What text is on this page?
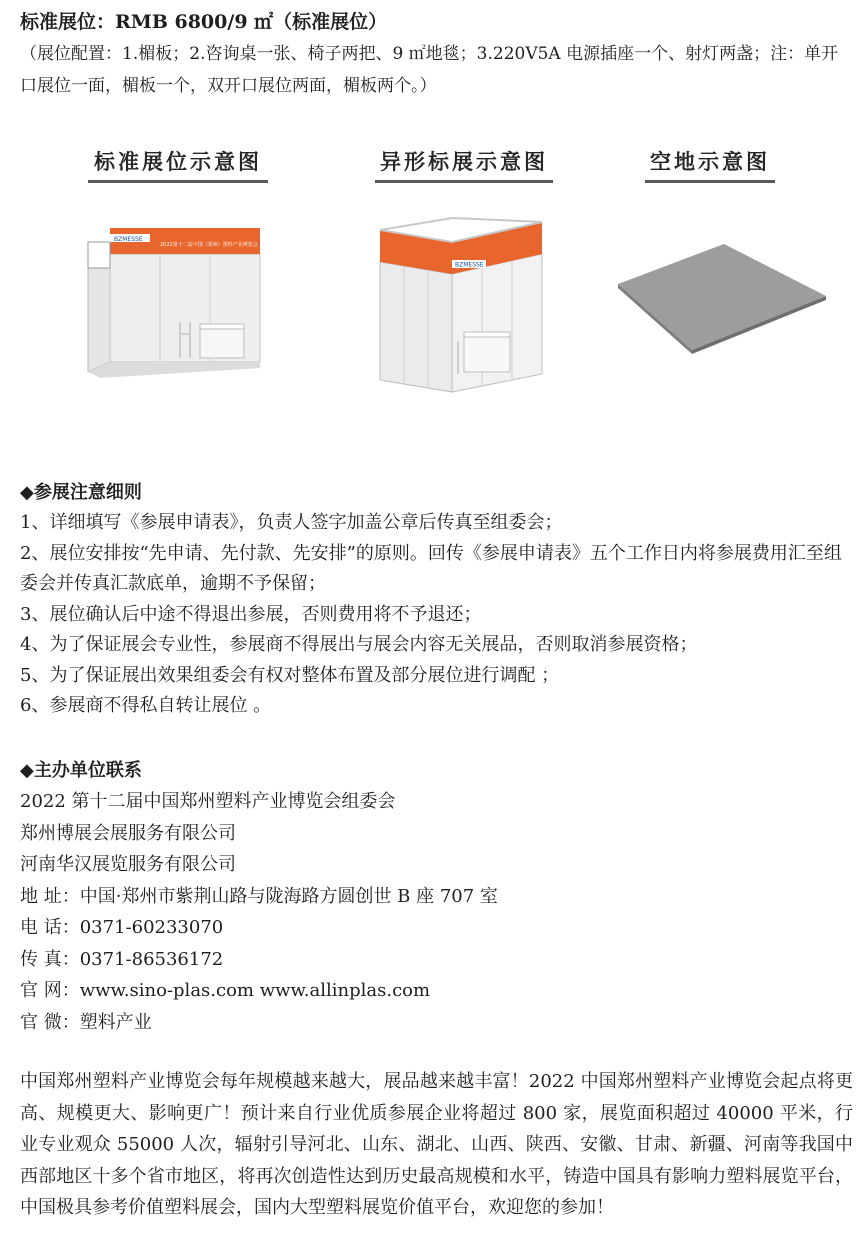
标准展位：RMB 6800/9 ㎡（标准展位）
（展位配置：1.楣板；2.咨询桌一张、椅子两把、9 ㎡地毯；3.220V5A 电源插座一个、射灯两盏；注：单开口展位一面，楣板一个，双开口展位两面，楣板两个。）
标准展位示意图
BZMESSE
2022第十二届中国（郑州）塑料产业博览会
异形标展示意图
BZMESSE
空地示意图
◆参展注意细则
1、详细填写《参展申请表》，负责人签字加盖公章后传真至组委会；
2、展位安排按“先申请、先付款、先安排”的原则。回传《参展申请表》五个工作日内将参展费用汇至组委会并传真汇款底单，逾期不予保留；
3、展位确认后中途不得退出参展，否则费用将不予退还；
4、为了保证展会专业性，参展商不得展出与展会内容无关展品，否则取消参展资格；
5、为了保证展出效果组委会有权对整体布置及部分展位进行调配 ；
6、参展商不得私自转让展位 。
◆主办单位联系
2022 第十二届中国郑州塑料产业博览会组委会
郑州博展会展服务有限公司
河南华汉展览服务有限公司
地 址：中国·郑州市紫荆山路与陇海路方圆创世 B 座 707 室
电 话：0371-60233070
传 真：0371-86536172
官 网：www.sino-plas.com www.allinplas.com
官 微：塑料产业
中国郑州塑料产业博览会每年规模越来越大，展品越来越丰富！2022 中国郑州塑料产业博览会起点将更高、规模更大、影响更广！预计来自行业优质参展企业将超过 800 家，展览面积超过 40000 平米，行业专业观众 55000 人次，辐射引导河北、山东、湖北、山西、陕西、安徽、甘肃、新疆、河南等我国中西部地区十多个省市地区，将再次创造性达到历史最高规模和水平，铸造中国具有影响力塑料展览平台，中国极具参考价值塑料展会，国内大型塑料展览价值平台，欢迎您的参加！
